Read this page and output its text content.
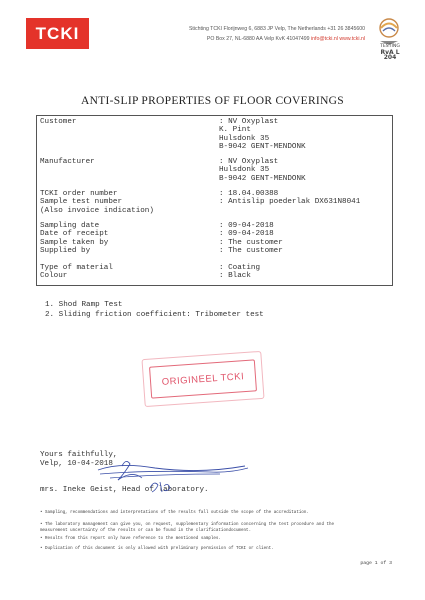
TCKI	Stichting TCKI Florijnweg 6, 6883 JP Velp, The Netherlands +31 26 3845600
PO Box 27, NL-6880 AA Velp KvK 41047499 info@tcki.nl www.tcki.nl
TESTING
RvA L 204
ANTI-SLIP PROPERTIES OF FLOOR COVERINGS
Customer	: NV Oxyplast
K. Pint
Hulsdonk 35
B-9042 GENT-MENDONK
Manufacturer	: NV Oxyplast
Hulsdonk 35
B-9042 GENT-MENDONK
TCKI order number	: 18.04.00388
Sample test number	: Antislip poederlak DX631N8041
(Also invoice indication)
Sampling date	: 09-04-2018
Date of receipt	: 09-04-2018
Sample taken by	: The customer
Supplied by	: The customer
Type of material	: Coating
Colour	: Black
1. Shod Ramp Test
2. Sliding friction coefficient: Tribometer test
ORIGINEEL TCKI
Yours faithfully,
Velp, 10-04-2018
mrs. Ineke Geist, Head of laboratory.
• Sampling, recommendations and interpretations of the results fall outside the scope of the accreditation.
• The laboratory management can give you, on request, supplementary information concerning the test procedure and the
measurement uncertainty of the results or can be found in the clarificationdocument.
• Results from this report only have reference to the mentioned samples.
• Duplication of this document is only allowed with preliminary permission of TCKI or client.
page 1 of 3
